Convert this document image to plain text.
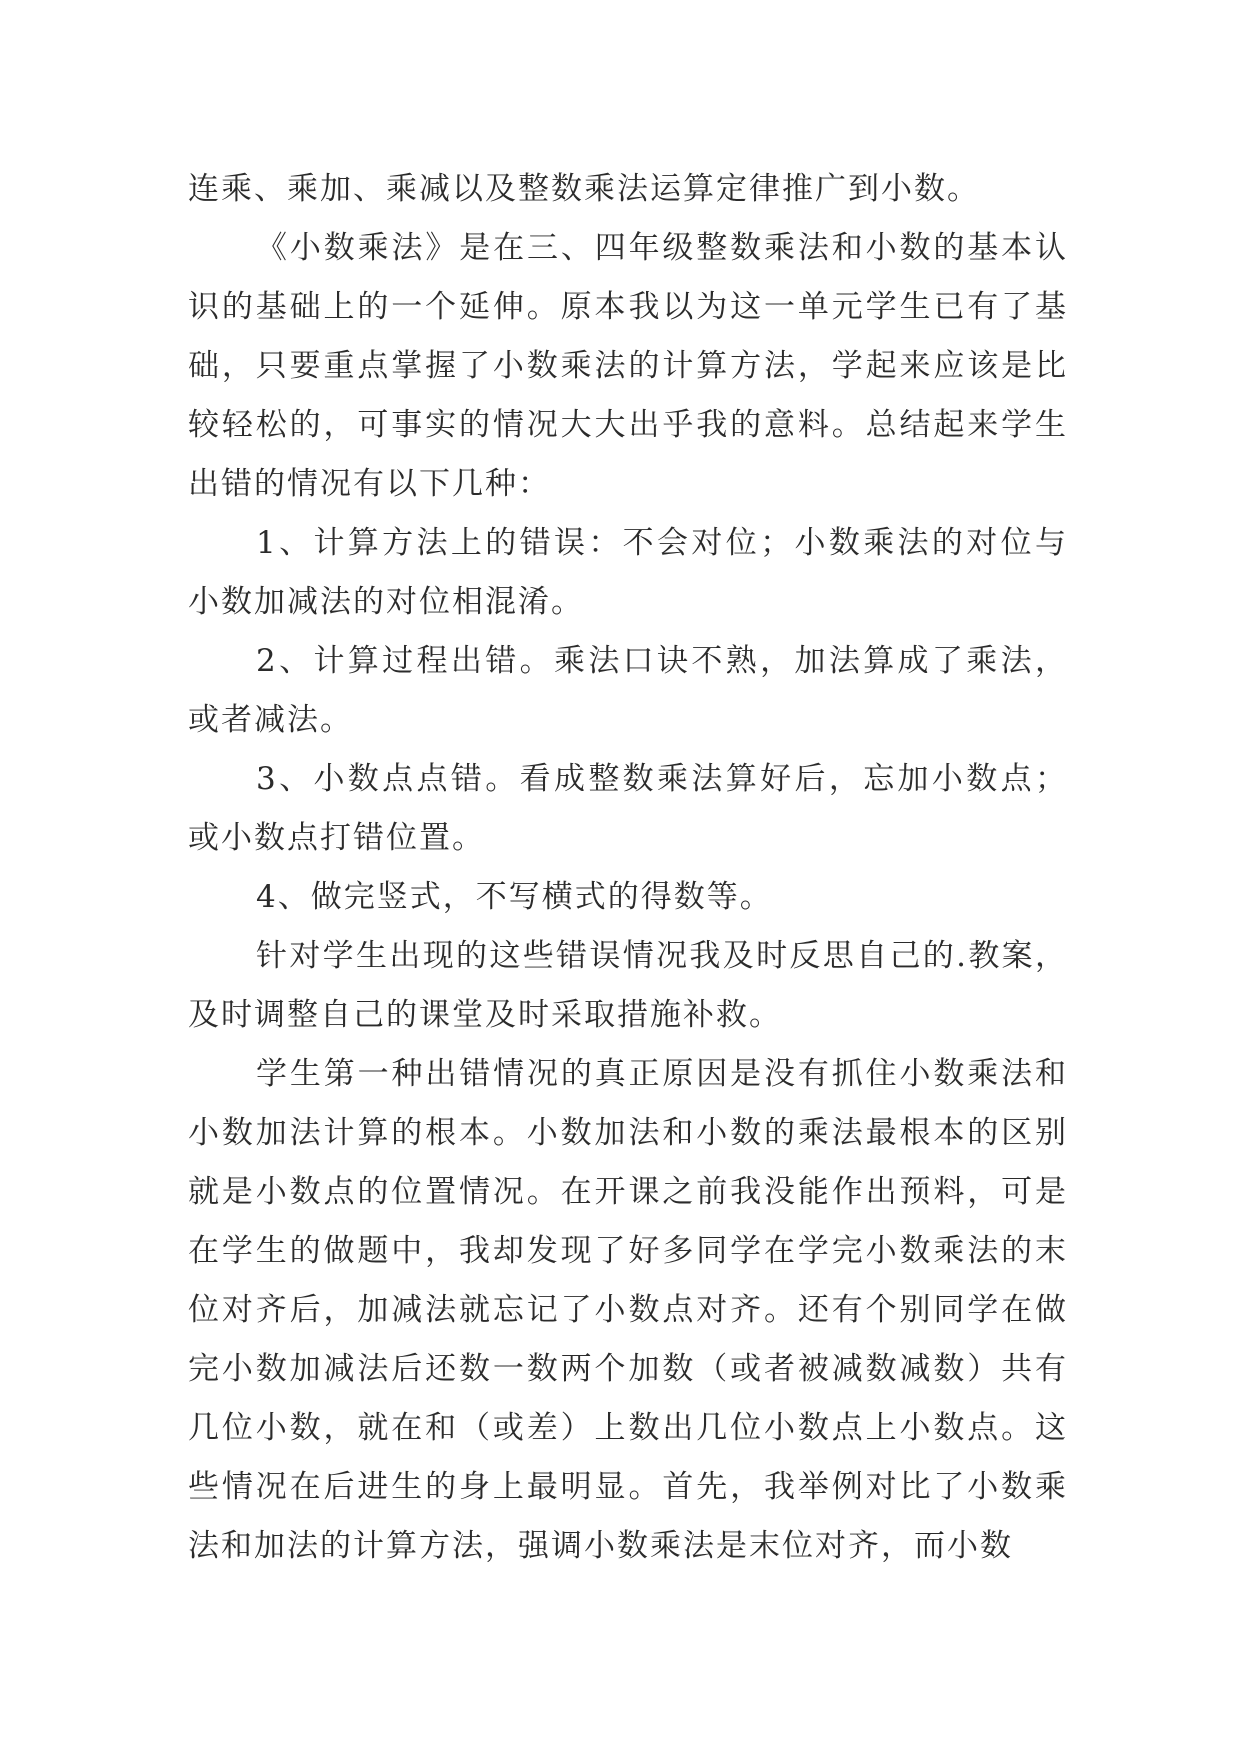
连乘、乘加、乘减以及整数乘法运算定律推广到小数。

《小数乘法》是在三、四年级整数乘法和小数的基本认识的基础上的一个延伸。原本我以为这一单元学生已有了基础，只要重点掌握了小数乘法的计算方法，学起来应该是比较轻松的，可事实的情况大大出乎我的意料。总结起来学生出错的情况有以下几种：

1、计算方法上的错误：不会对位；小数乘法的对位与小数加减法的对位相混淆。

2、计算过程出错。乘法口诀不熟，加法算成了乘法，或者减法。

3、小数点点错。看成整数乘法算好后，忘加小数点；或小数点打错位置。

4、做完竖式，不写横式的得数等。

针对学生出现的这些错误情况我及时反思自己的.教案，及时调整自己的课堂及时采取措施补救。

学生第一种出错情况的真正原因是没有抓住小数乘法和小数加法计算的根本。小数加法和小数的乘法最根本的区别就是小数点的位置情况。在开课之前我没能作出预料，可是在学生的做题中，我却发现了好多同学在学完小数乘法的末位对齐后，加减法就忘记了小数点对齐。还有个别同学在做完小数加减法后还数一数两个加数（或者被减数减数）共有几位小数，就在和（或差）上数出几位小数点上小数点。这些情况在后进生的身上最明显。首先，我举例对比了小数乘法和加法的计算方法，强调小数乘法是末位对齐，而小数
